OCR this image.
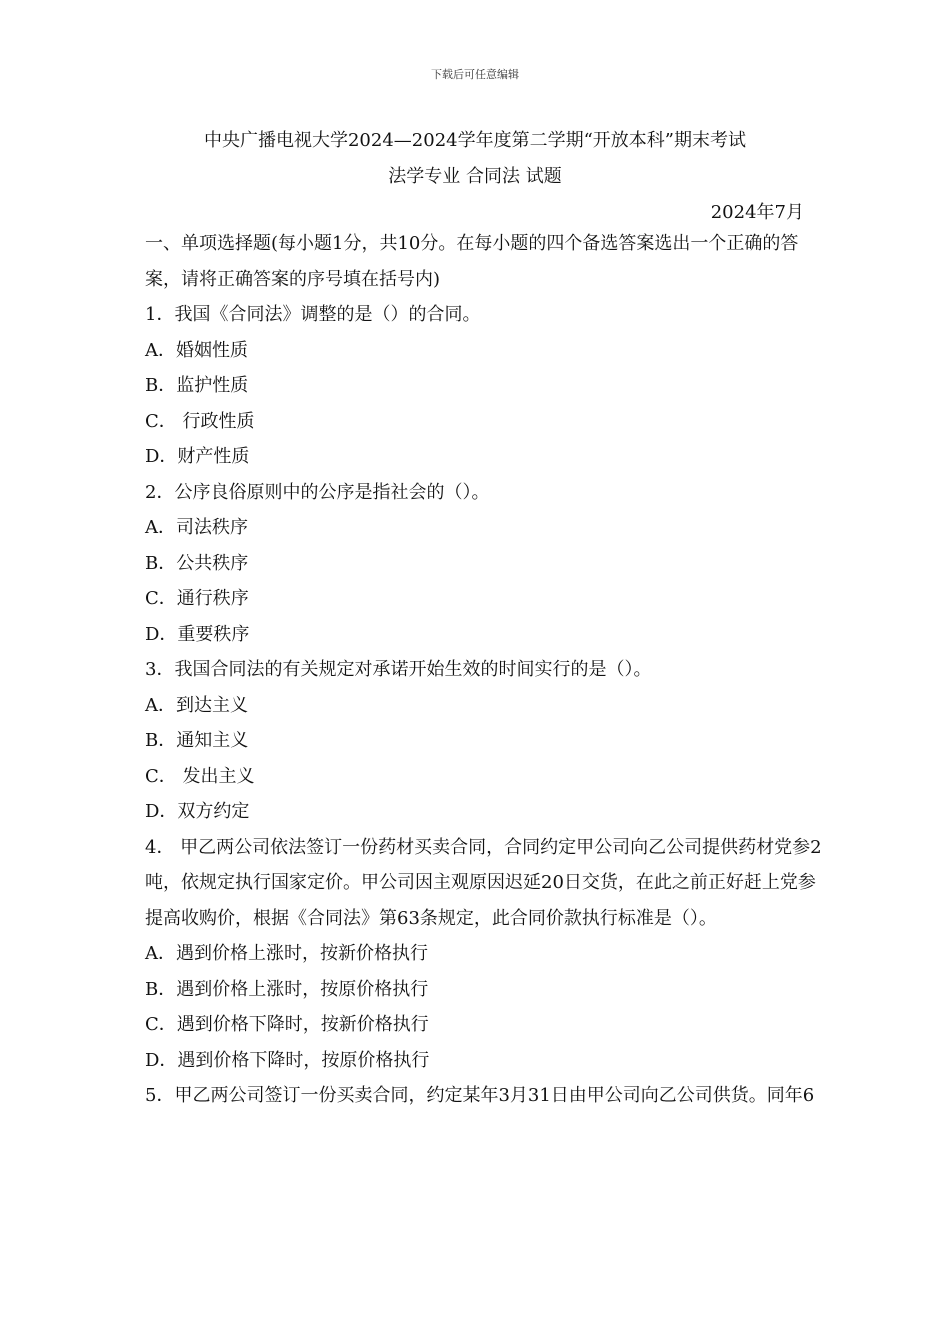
下载后可任意编辑
中央广播电视大学2024—2024学年度第二学期“开放本科”期末考试
法学专业 合同法 试题
2024年7月

一、单项选择题(每小题1分，共10分。在每小题的四个备选答案选出一个正确的答案，请将正确答案的序号填在括号内)

1．我国《合同法》调整的是（）的合同。

A．婚姻性质

B．监护性质

C． 行政性质

D．财产性质

2．公序良俗原则中的公序是指社会的（）。

A．司法秩序

B．公共秩序

C．通行秩序

D．重要秩序

3．我国合同法的有关规定对承诺开始生效的时间实行的是（）。

A．到达主义

B．通知主义

C． 发出主义

D．双方约定

4． 甲乙两公司依法签订一份药材买卖合同，合同约定甲公司向乙公司提供药材党参2吨，依规定执行国家定价。甲公司因主观原因迟延20日交货，在此之前正好赶上党参提高收购价，根据《合同法》第63条规定，此合同价款执行标准是（）。

A．遇到价格上涨时，按新价格执行

B．遇到价格上涨时，按原价格执行

C．遇到价格下降时，按新价格执行

D．遇到价格下降时，按原价格执行

5．甲乙两公司签订一份买卖合同，约定某年3月31日由甲公司向乙公司供货。同年6
